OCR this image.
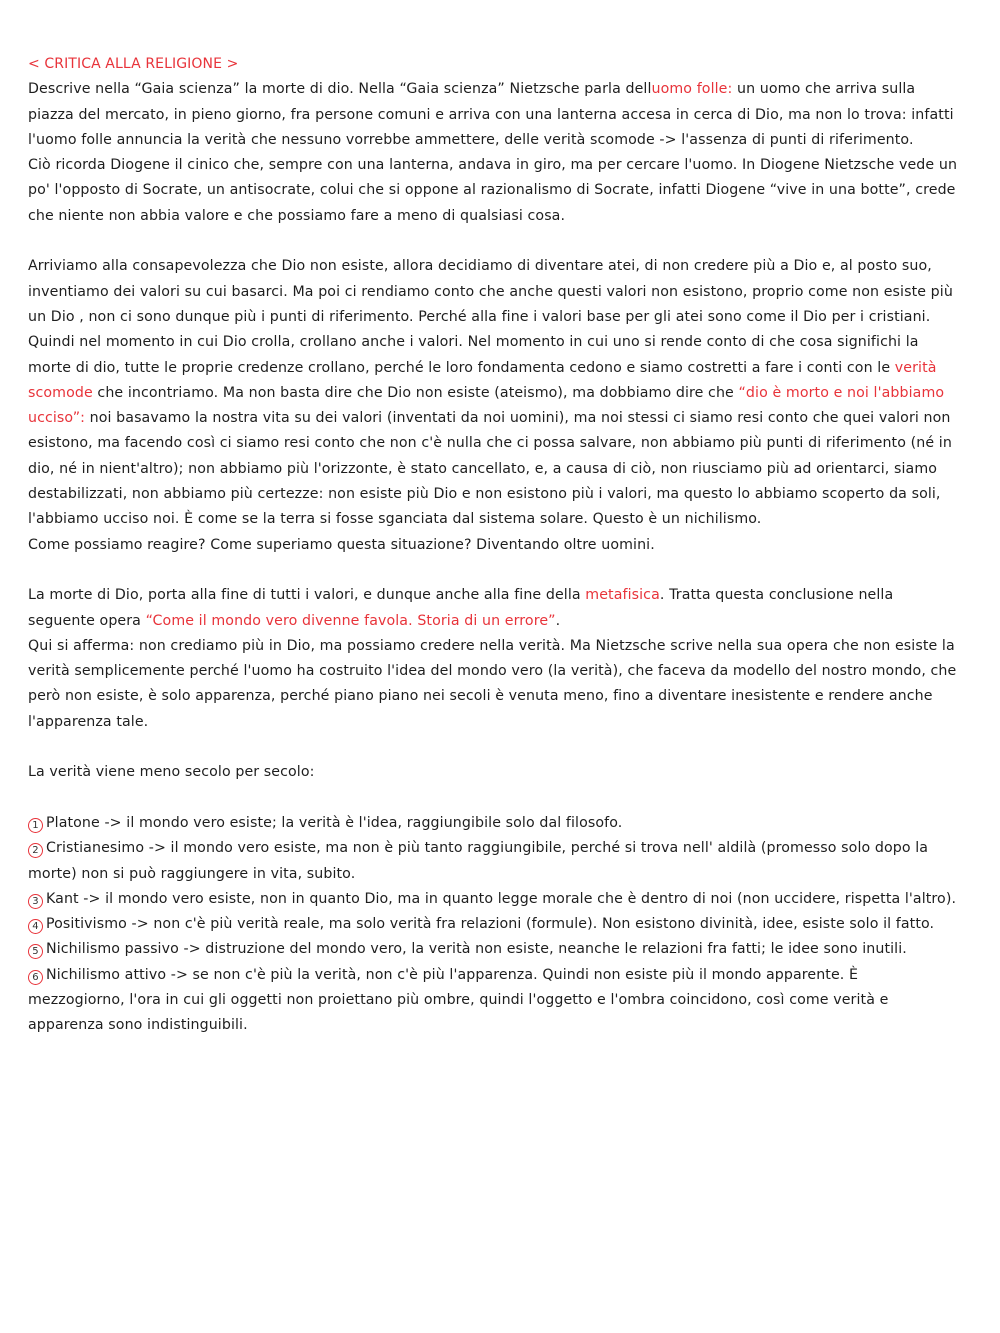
< CRITICA ALLA RELIGIONE >

Descrive nella “Gaia scienza” la morte di dio. Nella “Gaia scienza” Nietzsche parla delluomo folle: un uomo che arriva sulla piazza del mercato, in pieno giorno, fra persone comuni e arriva con una lanterna accesa in cerca di Dio, ma non lo trova: infatti l'uomo folle annuncia la verità che nessuno vorrebbe ammettere, delle verità scomode -> l'assenza di punti di riferimento.

Ciò ricorda Diogene il cinico che, sempre con una lanterna, andava in giro, ma per cercare l'uomo. In Diogene Nietzsche vede un po' l'opposto di Socrate, un antisocrate, colui che si oppone al razionalismo di Socrate, infatti Diogene “vive in una botte”, crede che niente non abbia valore e che possiamo fare a meno di qualsiasi cosa.

Arriviamo alla consapevolezza che Dio non esiste, allora decidiamo di diventare atei, di non credere più a Dio e, al posto suo, inventiamo dei valori su cui basarci. Ma poi ci rendiamo conto che anche questi valori non esistono, proprio come non esiste più un Dio , non ci sono dunque più i punti di riferimento. Perché alla fine i valori base per gli atei sono come il Dio per i cristiani. Quindi nel momento in cui Dio crolla, crollano anche i valori. Nel momento in cui uno si rende conto di che cosa significhi la morte di dio, tutte le proprie credenze crollano, perché le loro fondamenta cedono e siamo costretti a fare i conti con le verità scomode che incontriamo. Ma non basta dire che Dio non esiste (ateismo), ma dobbiamo dire che “dio è morto e noi l'abbiamo ucciso”: noi basavamo la nostra vita su dei valori (inventati da noi uomini), ma noi stessi ci siamo resi conto che quei valori non esistono, ma facendo così ci siamo resi conto che non c'è nulla che ci possa salvare, non abbiamo più punti di riferimento (né in dio, né in nient'altro); non abbiamo più l'orizzonte, è stato cancellato, e, a causa di ciò, non riusciamo più ad orientarci, siamo destabilizzati, non abbiamo più certezze: non esiste più Dio e non esistono più i valori, ma questo lo abbiamo scoperto da soli, l'abbiamo ucciso noi. È come se la terra si fosse sganciata dal sistema solare. Questo è un nichilismo.

Come possiamo reagire? Come superiamo questa situazione? Diventando oltre uomini.

La morte di Dio, porta alla fine di tutti i valori, e dunque anche alla fine della metafisica. Tratta questa conclusione nella seguente opera “Come il mondo vero divenne favola. Storia di un errore”.

Qui si afferma: non crediamo più in Dio, ma possiamo credere nella verità. Ma Nietzsche scrive nella sua opera che non esiste la verità semplicemente perché l'uomo ha costruito l'idea del mondo vero (la verità), che faceva da modello del nostro mondo, che però non esiste, è solo apparenza, perché piano piano nei secoli è venuta meno, fino a diventare inesistente e rendere anche l'apparenza tale.

La verità viene meno secolo per secolo:

1 Platone -> il mondo vero esiste; la verità è l'idea, raggiungibile solo dal filosofo.
2 Cristianesimo -> il mondo vero esiste, ma non è più tanto raggiungibile, perché si trova nell' aldilà (promesso solo dopo la morte) non si può raggiungere in vita, subito.
3 Kant -> il mondo vero esiste, non in quanto Dio, ma in quanto legge morale che è dentro di noi (non uccidere, rispetta l'altro).
4 Positivismo -> non c'è più verità reale, ma solo verità fra relazioni (formule). Non esistono divinità, idee, esiste solo il fatto.
5 Nichilismo passivo -> distruzione del mondo vero, la verità non esiste, neanche le relazioni fra fatti; le idee sono inutili.
6 Nichilismo attivo -> se non c'è più la verità, non c'è più l'apparenza. Quindi non esiste più il mondo apparente. È mezzogiorno, l'ora in cui gli oggetti non proiettano più ombre, quindi l'oggetto e l'ombra coincidono, così come verità e apparenza sono indistinguibili.
